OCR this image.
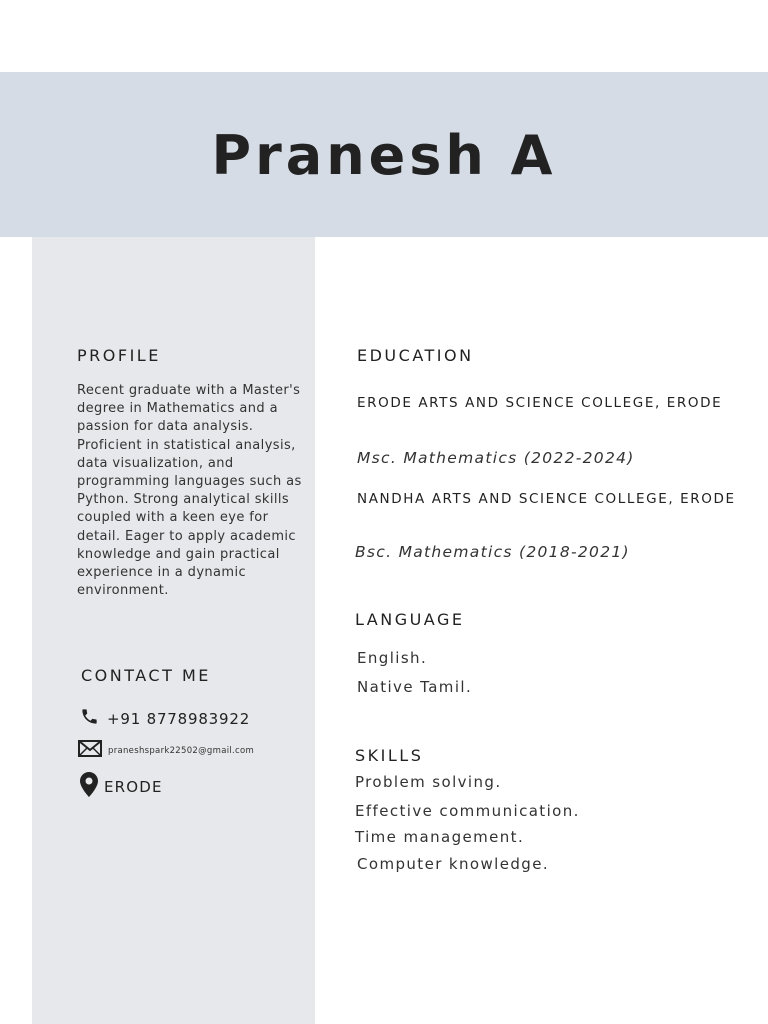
Pranesh A
PROFILE
Recent graduate with a Master's degree in Mathematics and a passion for data analysis. Proficient in statistical analysis, data visualization, and programming languages such as Python. Strong analytical skills coupled with a keen eye for detail. Eager to apply academic knowledge and gain practical experience in a dynamic environment.
CONTACT ME
+91 8778983922
praneshspark22502@gmail.com
ERODE
EDUCATION
ERODE ARTS AND SCIENCE COLLEGE, ERODE
Msc. Mathematics (2022-2024)
NANDHA ARTS AND SCIENCE COLLEGE, ERODE
Bsc. Mathematics (2018-2021)
LANGUAGE
English.
Native Tamil.
SKILLS
Problem solving.
Effective communication.
Time management.
Computer knowledge.
